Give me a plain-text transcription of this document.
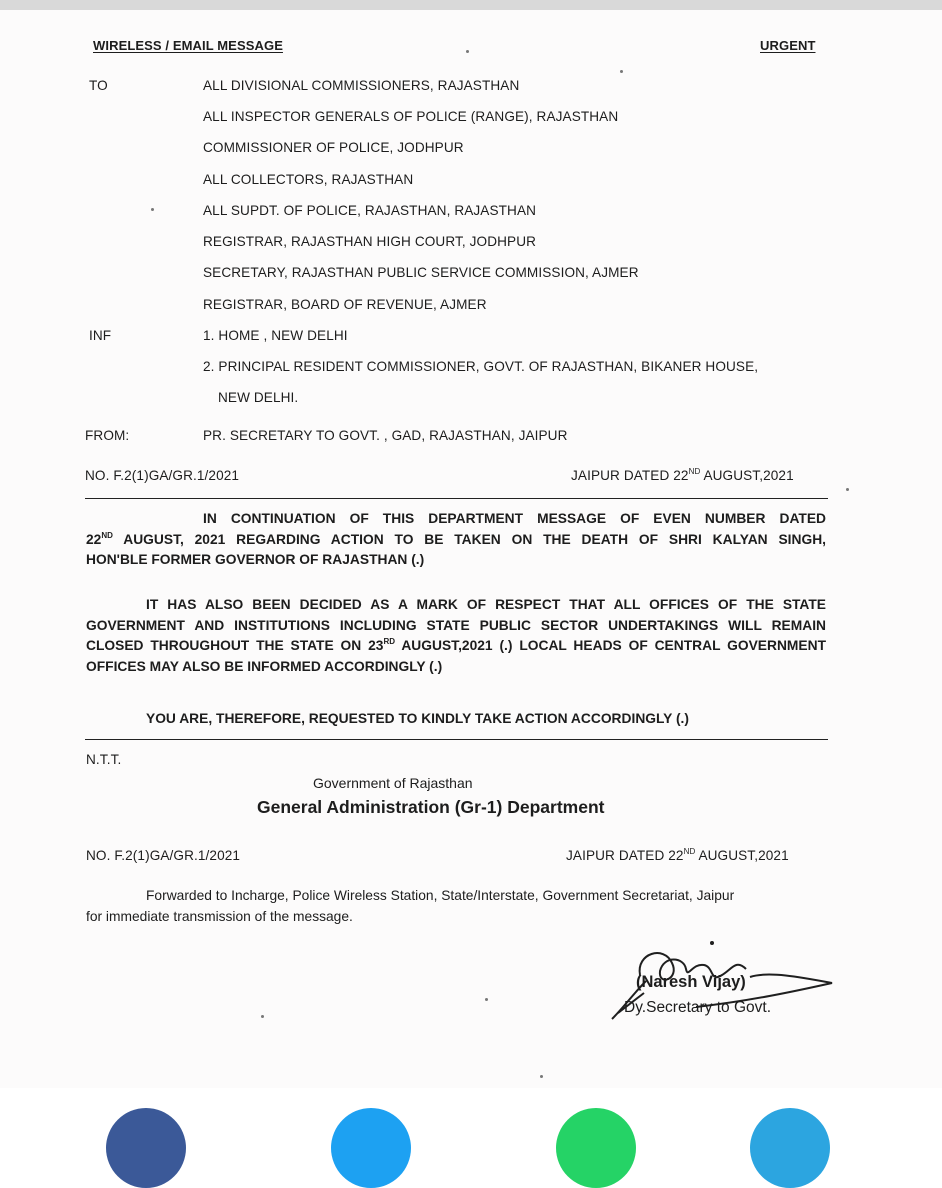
WIRELESS / EMAIL MESSAGE	URGENT
TO	ALL DIVISIONAL COMMISSIONERS, RAJASTHAN
ALL INSPECTOR GENERALS OF POLICE (RANGE), RAJASTHAN
COMMISSIONER OF POLICE, JODHPUR
ALL COLLECTORS, RAJASTHAN
ALL SUPDT. OF POLICE, RAJASTHAN, RAJASTHAN
REGISTRAR, RAJASTHAN HIGH COURT, JODHPUR
SECRETARY, RAJASTHAN PUBLIC SERVICE COMMISSION, AJMER
REGISTRAR, BOARD OF REVENUE, AJMER
INF	1. HOME , NEW DELHI
2. PRINCIPAL RESIDENT COMMISSIONER, GOVT. OF RAJASTHAN, BIKANER HOUSE,
NEW DELHI.
FROM:	PR. SECRETARY TO GOVT. , GAD, RAJASTHAN, JAIPUR
NO. F.2(1)GA/GR.1/2021	JAIPUR DATED 22ND AUGUST,2021
IN CONTINUATION OF THIS DEPARTMENT MESSAGE OF EVEN NUMBER DATED
22ND AUGUST, 2021 REGARDING ACTION TO BE TAKEN ON THE DEATH OF SHRI KALYAN SINGH,
HON'BLE FORMER GOVERNOR OF RAJASTHAN (.)
IT HAS ALSO BEEN DECIDED AS A MARK OF RESPECT THAT ALL OFFICES OF THE STATE
GOVERNMENT AND INSTITUTIONS INCLUDING STATE PUBLIC SECTOR UNDERTAKINGS WILL REMAIN
CLOSED THROUGHOUT THE STATE ON 23RD AUGUST,2021 (.) LOCAL HEADS OF CENTRAL GOVERNMENT
OFFICES MAY ALSO BE INFORMED ACCORDINGLY (.)
YOU ARE, THEREFORE, REQUESTED TO KINDLY TAKE ACTION ACCORDINGLY (.)
N.T.T.
Government of Rajasthan
General Administration (Gr-1) Department
NO. F.2(1)GA/GR.1/2021	JAIPUR DATED 22ND AUGUST,2021
Forwarded to Incharge, Police Wireless Station, State/Interstate, Government Secretariat, Jaipur
for immediate transmission of the message.
(Naresh Vijay)
Dy.Secretary to Govt.
